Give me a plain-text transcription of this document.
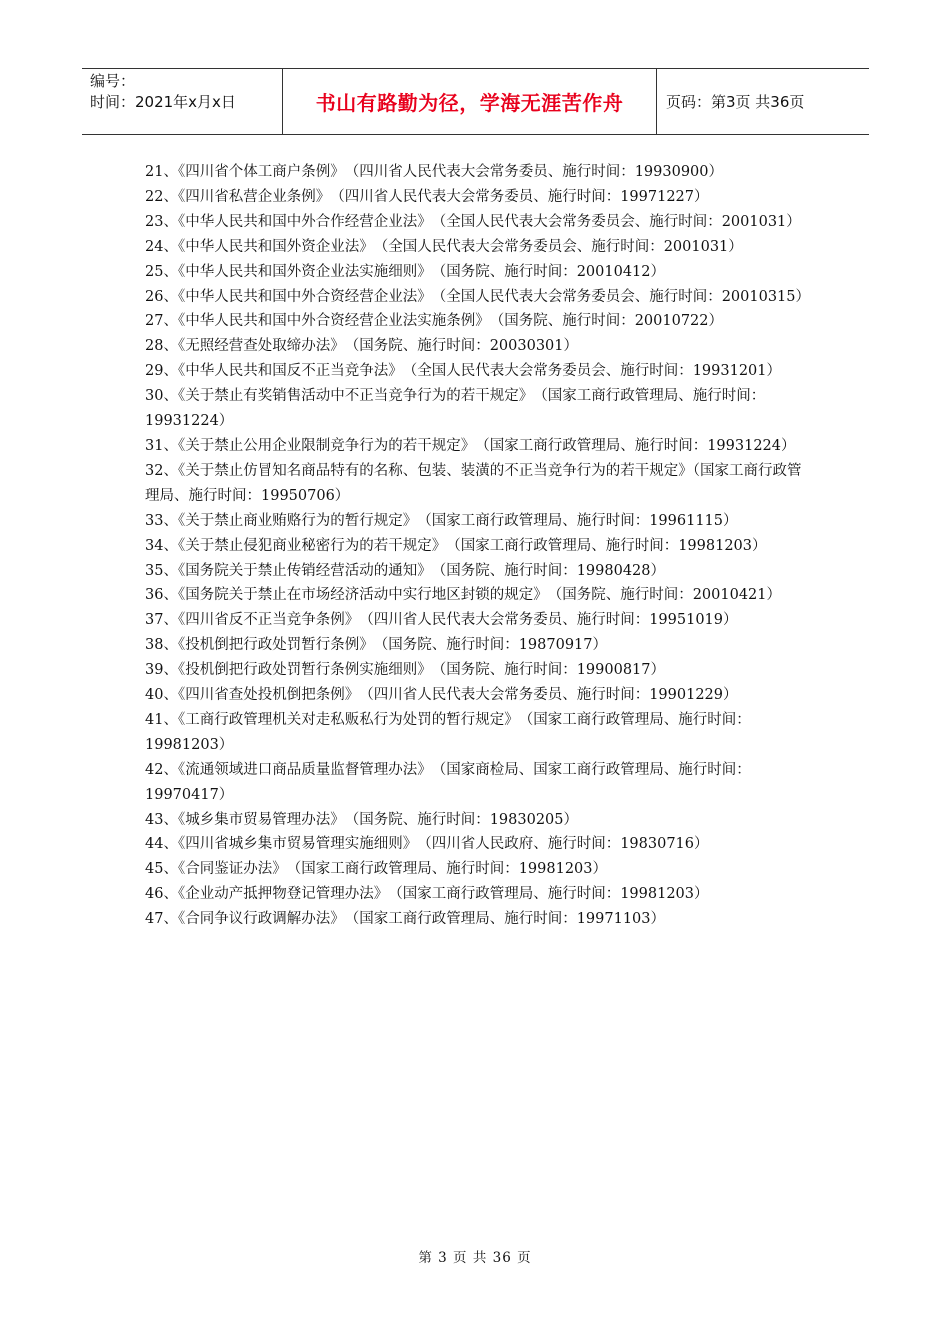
编号：
时间：2021年x月x日	书山有路勤为径，学海无涯苦作舟	页码：第3页 共36页

21、《四川省个体工商户条例》　（四川省人民代表大会常务委员、施行时间：19930900）

22、《四川省私营企业条例》　（四川省人民代表大会常务委员、施行时间：19971227）

23、《中华人民共和国中外合作经营企业法》　（全国人民代表大会常务委员会、施行时间：2001031）

24、《中华人民共和国外资企业法》　（全国人民代表大会常务委员会、施行时间：2001031）

25、《中华人民共和国外资企业法实施细则》　（国务院、施行时间：20010412）

26、《中华人民共和国中外合资经营企业法》　（全国人民代表大会常务委员会、施行时间：20010315）

27、《中华人民共和国中外合资经营企业法实施条例》　（国务院、施行时间：20010722）

28、《无照经营查处取缔办法》　（国务院、施行时间：20030301）

29、《中华人民共和国反不正当竞争法》　（全国人民代表大会常务委员会、施行时间：19931201）

30、《关于禁止有奖销售活动中不正当竞争行为的若干规定》　（国家工商行政管理局、施行时间：19931224）

31、《关于禁止公用企业限制竞争行为的若干规定》　（国家工商行政管理局、施行时间：19931224）

32、《关于禁止仿冒知名商品特有的名称、包装、装潢的不正当竞争行为的若干规定》（国家工商行政管理局、施行时间：19950706）

33、《关于禁止商业贿赂行为的暂行规定》　（国家工商行政管理局、施行时间：19961115）

34、《关于禁止侵犯商业秘密行为的若干规定》　（国家工商行政管理局、施行时间：19981203）

35、《国务院关于禁止传销经营活动的通知》　（国务院、施行时间：19980428）

36、《国务院关于禁止在市场经济活动中实行地区封锁的规定》　（国务院、施行时间：20010421）

37、《四川省反不正当竞争条例》　（四川省人民代表大会常务委员、施行时间：19951019）

38、《投机倒把行政处罚暂行条例》　（国务院、施行时间：19870917）

39、《投机倒把行政处罚暂行条例实施细则》　（国务院、施行时间：19900817）

40、《四川省查处投机倒把条例》　（四川省人民代表大会常务委员、施行时间：19901229）

41、《工商行政管理机关对走私贩私行为处罚的暂行规定》　（国家工商行政管理局、施行时间：19981203）

42、《流通领域进口商品质量监督管理办法》　（国家商检局、国家工商行政管理局、施行时间：19970417）

43、《城乡集市贸易管理办法》　（国务院、施行时间：19830205）

44、《四川省城乡集市贸易管理实施细则》　（四川省人民政府、施行时间：19830716）

45、《合同鉴证办法》　（国家工商行政管理局、施行时间：19981203）

46、《企业动产抵押物登记管理办法》　（国家工商行政管理局、施行时间：19981203）

47、《合同争议行政调解办法》　（国家工商行政管理局、施行时间：19971103）

第 3 页 共 36 页
